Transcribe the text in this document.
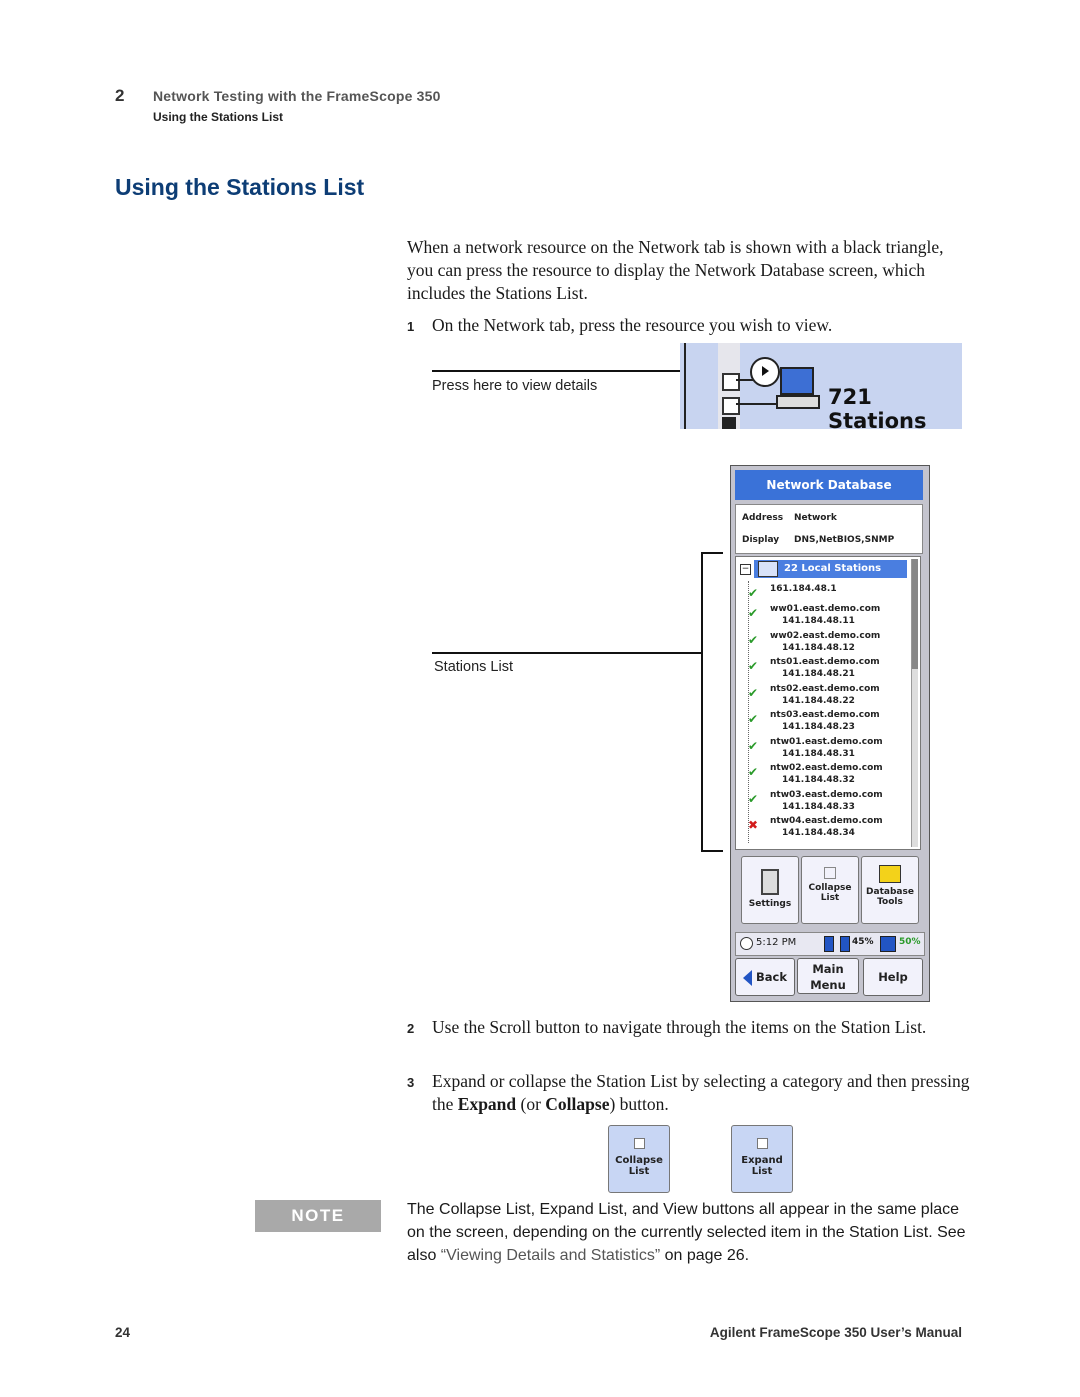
2 Network Testing with the FrameScope 350
Using the Stations List
Using the Stations List
When a network resource on the Network tab is shown with a black triangle, you can press the resource to display the Network Database screen, which includes the Stations List.
1 On the Network tab, press the resource you wish to view.
Press here to view details	721 Stations
Stations List
Network Database
Address Network
Display DNS,NetBIOS,SNMP
−	22 Local Stations
✔ 161.184.48.1
✔ ww01.east.demo.com
141.184.48.11
✔ ww02.east.demo.com
141.184.48.12
✔ nts01.east.demo.com
141.184.48.21
✔ nts02.east.demo.com
141.184.48.22
✔ nts03.east.demo.com
141.184.48.23
✔ ntw01.east.demo.com
141.184.48.31
✔ ntw02.east.demo.com
141.184.48.32
✔ ntw03.east.demo.com
141.184.48.33
✖ ntw04.east.demo.com
141.184.48.34
Settings
Collapse
List
Database
Tools
5:12 PM	45%	50%
Back
Main
Menu
Help
2 Use the Scroll button to navigate through the items on the Station List.
3 Expand or collapse the Station List by selecting a category and then pressing the Expand (or Collapse) button.
Collapse
List
Expand
List
NOTE	The Collapse List, Expand List, and View buttons all appear in the same place on the screen, depending on the currently selected item in the Station List. See also “Viewing Details and Statistics” on page 26.
24	Agilent FrameScope 350 User’s Manual
